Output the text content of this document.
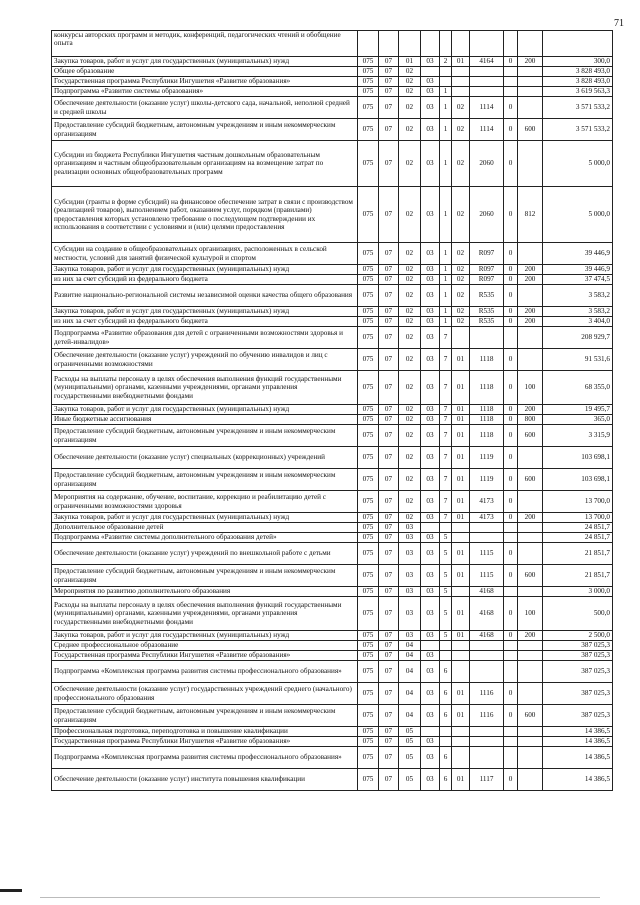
71
конкурсы авторских программ и методик, конференций, педагогических чтений и обобщение опыта										
Закупка товаров, работ и услуг для государственных (муниципальных) нужд	075	07	01	03	2	01	4164	0	200	300,0
Общее образование	075	07	02							3 828 493,0
Государственная программа Республики Ингушетия «Развитие образования»	075	07	02	03						3 828 493,0
Подпрограмма «Развитие системы образования»	075	07	02	03	1					3 619 563,3
Обеспечение деятельности (оказание услуг) школы-детского сада, начальной, неполной средней и средней школы	075	07	02	03	1	02	1114	0		3 571 533,2
Предоставление субсидий бюджетным, автономным учреждениям и иным некоммерческим организациям	075	07	02	03	1	02	1114	0	600	3 571 533,2
Субсидии из бюджета Республики Ингушетия частным дошкольным образовательным организациям и частным общеобразовательным организациям на возмещение затрат по реализации основных общеобразовательных программ	075	07	02	03	1	02	2060	0		5 000,0
Субсидии (гранты в форме субсидий) на финансовое обеспечение затрат в связи с производством (реализацией товаров), выполнением работ, оказанием услуг, порядком (правилами) предоставления которых установлено требование о последующем подтверждении их использования в соответствии с условиями и (или) целями предоставления	075	07	02	03	1	02	2060	0	812	5 000,0
Субсидии на создание в общеобразовательных организациях, расположенных в сельской местности, условий для занятий физической культурой и спортом	075	07	02	03	1	02	R097	0		39 446,9
Закупка товаров, работ и услуг для государственных (муниципальных) нужд	075	07	02	03	1	02	R097	0	200	39 446,9
из них за счет субсидий из федерального бюджета	075	07	02	03	1	02	R097	0	200	37 474,5
Развитие национально-региональной системы независимой оценки качества общего образования	075	07	02	03	1	02	R535	0		3 583,2
Закупка товаров, работ и услуг для государственных (муниципальных) нужд	075	07	02	03	1	02	R535	0	200	3 583,2
из них за счет субсидий из федерального бюджета	075	07	02	03	1	02	R535	0	200	3 404,0
Подпрограмма «Развитие образования для детей с ограниченными возможностями здоровья и детей-инвалидов»	075	07	02	03	7					208 929,7
Обеспечение деятельности (оказание услуг) учреждений по обучению инвалидов и лиц с ограниченными возможностями	075	07	02	03	7	01	1118	0		91 531,6
Расходы на выплаты персоналу в целях обеспечения выполнения функций государственными (муниципальными) органами, казенными учреждениями, органами управления государственными внебюджетными фондами	075	07	02	03	7	01	1118	0	100	68 355,0
Закупка товаров, работ и услуг для государственных (муниципальных) нужд	075	07	02	03	7	01	1118	0	200	19 495,7
Иные бюджетные ассигнования	075	07	02	03	7	01	1118	0	800	365,0
Предоставление субсидий бюджетным, автономным учреждениям и иным некоммерческим организациям	075	07	02	03	7	01	1118	0	600	3 315,9
Обеспечение деятельности (оказание услуг) специальных (коррекционных) учреждений	075	07	02	03	7	01	1119	0		103 698,1
Предоставление субсидий бюджетным, автономным учреждениям и иным некоммерческим организациям	075	07	02	03	7	01	1119	0	600	103 698,1
Мероприятия на содержание, обучение, воспитание, коррекцию и реабилитацию детей с ограниченными возможностями здоровья	075	07	02	03	7	01	4173	0		13 700,0
Закупка товаров, работ и услуг для государственных (муниципальных) нужд	075	07	02	03	7	01	4173	0	200	13 700,0
Дополнительное образование детей	075	07	03							24 851,7
Подпрограмма «Развитие системы дополнительного образования детей»	075	07	03	03	5					24 851,7
Обеспечение деятельности (оказание услуг) учреждений по внешкольной работе с детьми	075	07	03	03	5	01	1115	0		21 851,7
Предоставление субсидий бюджетным, автономным учреждениям и иным некоммерческим организациям	075	07	03	03	5	01	1115	0	600	21 851,7
Мероприятия по развитию дополнительного образования	075	07	03	03	5		4168			3 000,0
Расходы на выплаты персоналу в целях обеспечения выполнения функций государственными (муниципальными) органами, казенными учреждениями, органами управления государственными внебюджетными фондами	075	07	03	03	5	01	4168	0	100	500,0
Закупка товаров, работ и услуг для государственных (муниципальных) нужд	075	07	03	03	5	01	4168	0	200	2 500,0
Среднее профессиональное образование	075	07	04							387 025,3
Государственная программа Республики Ингушетия «Развитие образования»	075	07	04	03						387 025,3
Подпрограмма «Комплексная программа развития системы профессионального образования»	075	07	04	03	6					387 025,3
Обеспечение деятельности (оказание услуг) государственных учреждений среднего (начального) профессионального образования	075	07	04	03	6	01	1116	0		387 025,3
Предоставление субсидий бюджетным, автономным учреждениям и иным некоммерческим организациям	075	07	04	03	6	01	1116	0	600	387 025,3
Профессиональная подготовка, переподготовка и повышение квалификации	075	07	05							14 386,5
Государственная программа Республики Ингушетия «Развитие образования»	075	07	05	03						14 386,5
Подпрограмма «Комплексная программа развития системы профессионального образования»	075	07	05	03	6					14 386,5
Обеспечение деятельности (оказание услуг) института повышения квалификации	075	07	05	03	6	01	1117	0		14 386,5
